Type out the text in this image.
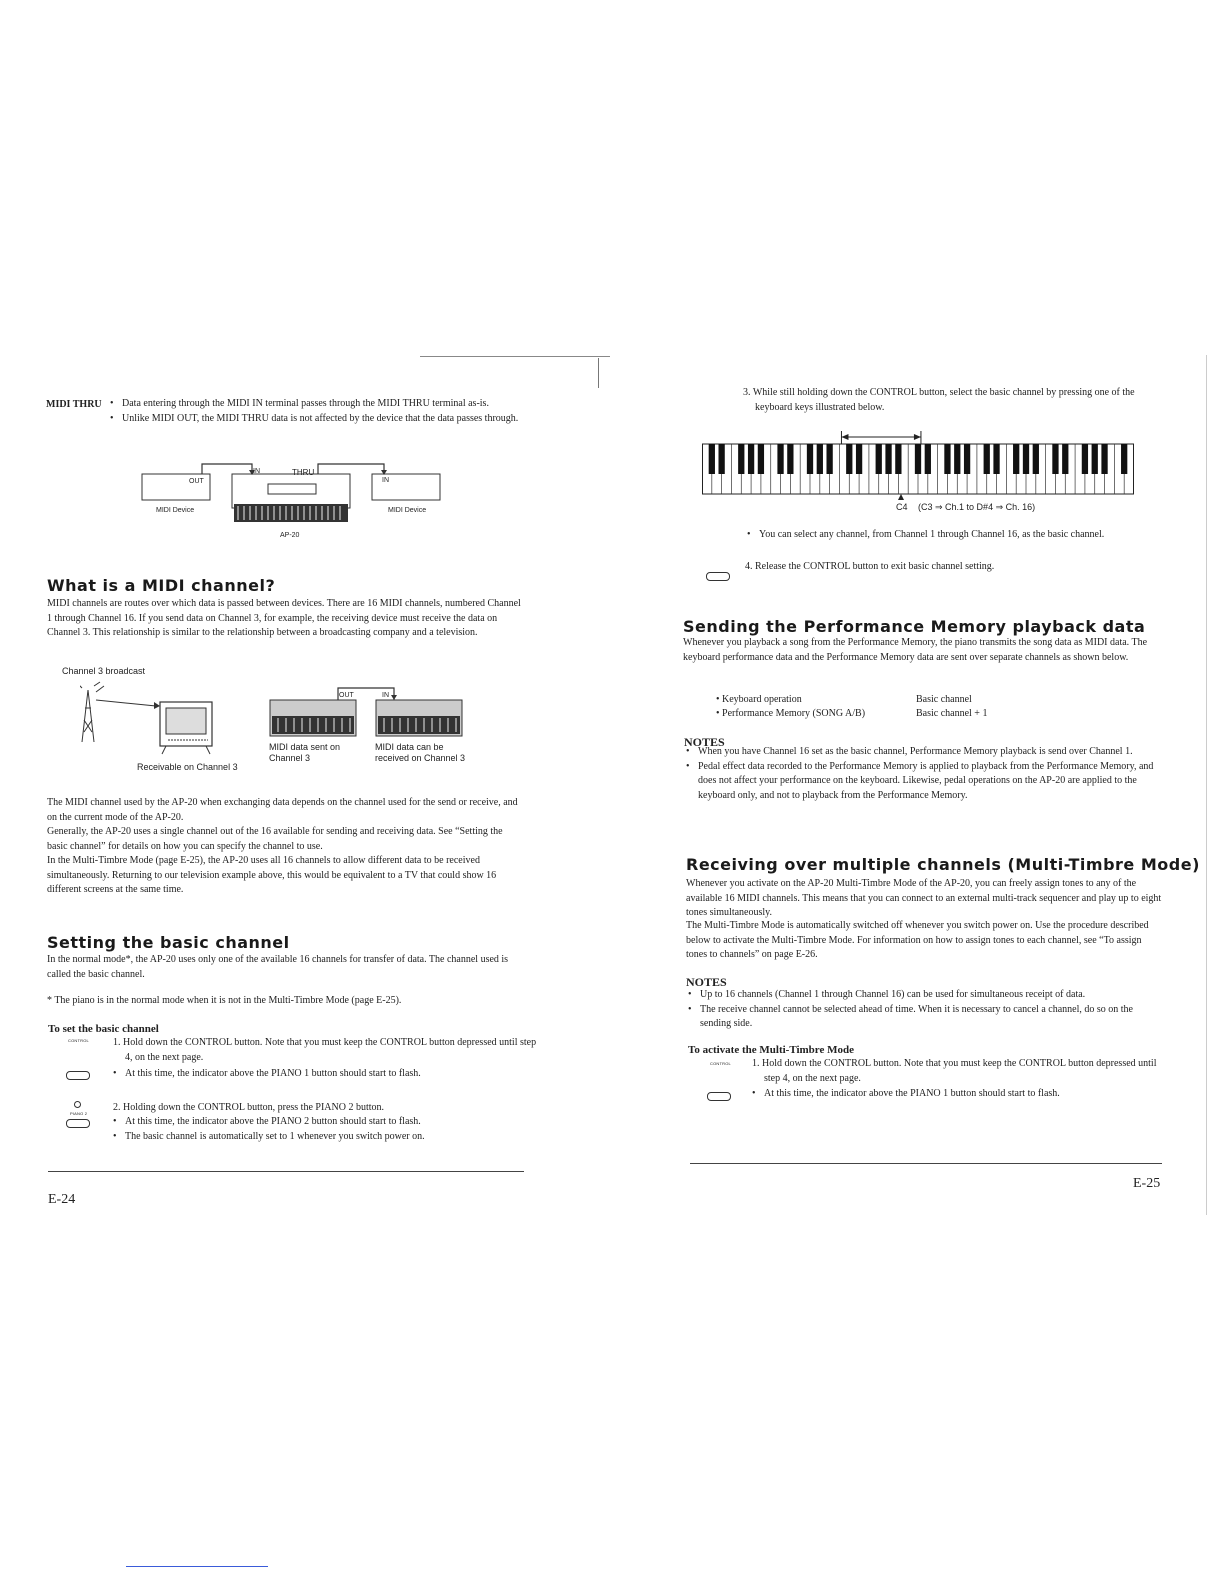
MIDI THRU
•	Data entering through the MIDI IN terminal passes through the MIDI THRU terminal as-is.
• Unlike MIDI OUT, the MIDI THRU data is not affected by the device that the data passes through.
OUT
IN	THRU
IN
MIDI Device	MIDI Device
AP-20
What is a MIDI channel?
MIDI channels are routes over which data is passed between devices. There are 16 MIDI channels, numbered Channel 1 through Channel 16. If you send data on Channel 3, for example, the receiving device must receive the data on Channel 3. This relationship is similar to the relationship between a broadcasting company and a television.
Channel 3 broadcast
OUT	IN
Receivable on Channel 3
MIDI data sent on Channel 3
MIDI data can be received on Channel 3
The MIDI channel used by the AP-20 when exchanging data depends on the channel used for the send or receive, and on the current mode of the AP-20.
Generally, the AP-20 uses a single channel out of the 16 available for sending and receiving data. See “Setting the basic channel” for details on how you can specify the channel to use.
In the Multi-Timbre Mode (page E-25), the AP-20 uses all 16 channels to allow different data to be received simultaneously. Returning to our television example above, this would be equivalent to a TV that could show 16 different screens at the same time.
Setting the basic channel
In the normal mode*, the AP-20 uses only one of the available 16 channels for transfer of data. The channel used is called the basic channel.
* The piano is in the normal mode when it is not in the Multi-Timbre Mode (page E-25).
To set the basic channel
CONTROL 1. Hold down the CONTROL button. Note that you must keep the CONTROL button depressed until step 4, on the next page.
• At this time, the indicator above the PIANO 1 button should start to flash.
PIANO 2
2. Holding down the CONTROL button, press the PIANO 2 button.
• At this time, the indicator above the PIANO 2 button should start to flash.
• The basic channel is automatically set to 1 whenever you switch power on.
E-24
3. While still holding down the CONTROL button, select the basic channel by pressing one of the keyboard keys illustrated below.
C4 (C3 ⇒ Ch.1 to D#4 ⇒ Ch. 16)
• You can select any channel, from Channel 1 through Channel 16, as the basic channel.
4. Release the CONTROL button to exit basic channel setting.
Sending the Performance Memory playback data
Whenever you playback a song from the Performance Memory, the piano transmits the song data as MIDI data. The keyboard performance data and the Performance Memory data are sent over separate channels as shown below.
• Keyboard operation	Basic channel
• Performance Memory (SONG A/B)	Basic channel + 1
NOTES
• When you have Channel 16 set as the basic channel, Performance Memory playback is send over Channel 1.
• Pedal effect data recorded to the Performance Memory is applied to playback from the Performance Memory, and does not affect your performance on the keyboard. Likewise, pedal operations on the AP-20 are applied to the keyboard only, and not to playback from the Performance Memory.
Receiving over multiple channels (Multi-Timbre Mode)
Whenever you activate on the AP-20 Multi-Timbre Mode of the AP-20, you can freely assign tones to any of the available 16 MIDI channels. This means that you can connect to an external multi-track sequencer and play up to eight tones simultaneously.
The Multi-Timbre Mode is automatically switched off whenever you switch power on. Use the procedure described below to activate the Multi-Timbre Mode. For information on how to assign tones to each channel, see “To assign tones to channels” on page E-26.
NOTES
• Up to 16 channels (Channel 1 through Channel 16) can be used for simultaneous receipt of data.
• The receive channel cannot be selected ahead of time. When it is necessary to cancel a channel, do so on the sending side.
To activate the Multi-Timbre Mode
CONTROL 1. Hold down the CONTROL button. Note that you must keep the CONTROL button depressed until step 4, on the next page.
• At this time, the indicator above the PIANO 1 button should start to flash.
E-25
